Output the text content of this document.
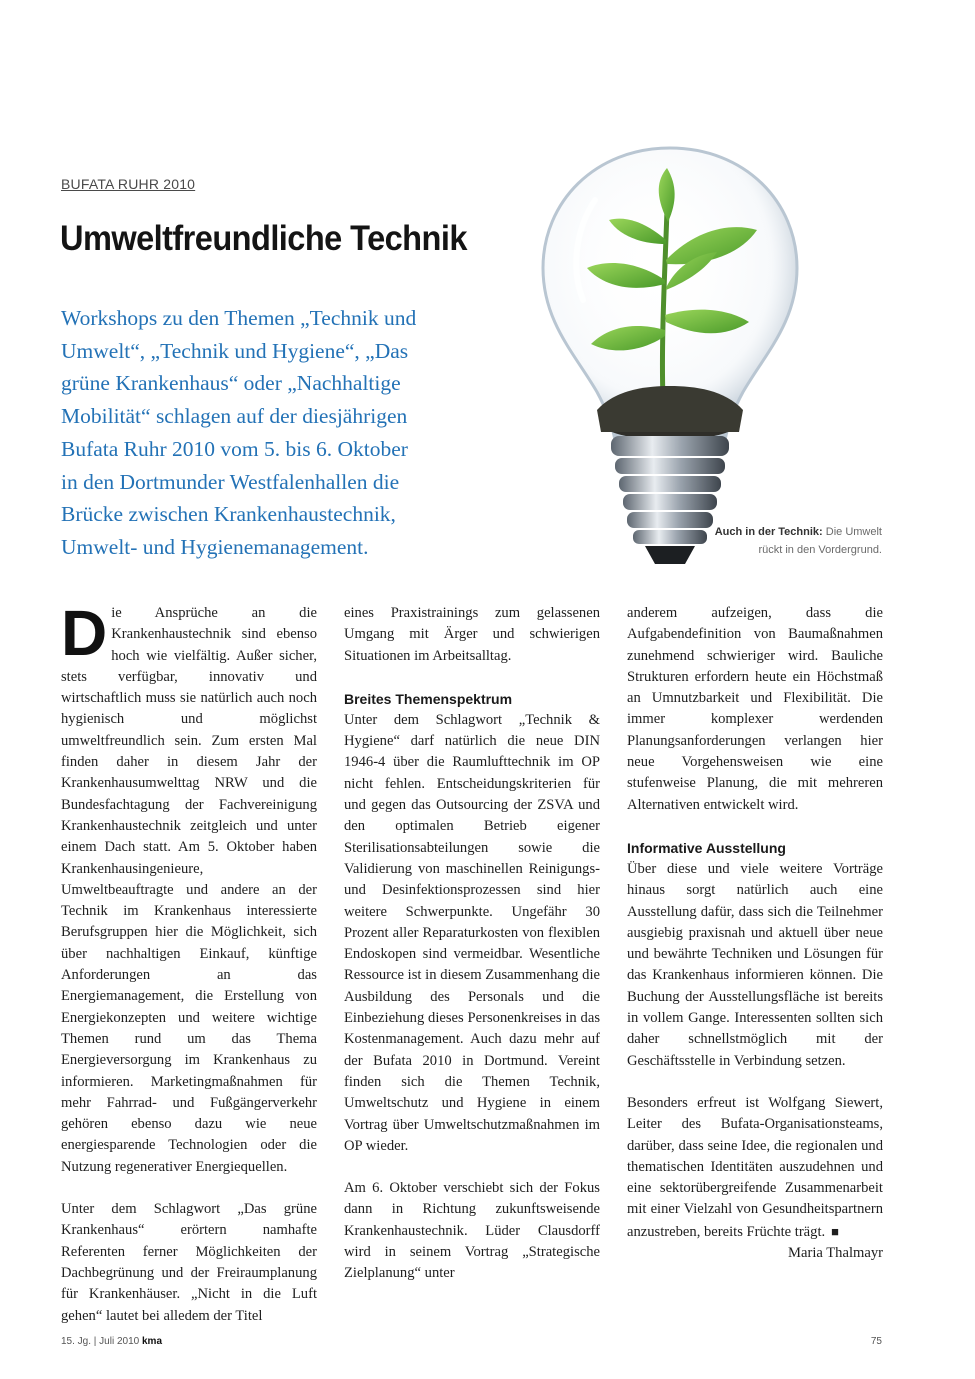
BUFATA RUHR 2010
Umweltfreundliche Technik
Workshops zu den Themen „Technik und
Umwelt“, „Technik und Hygiene“, „Das
grüne Krankenhaus“ oder „Nachhaltige
Mobilität“ schlagen auf der diesjährigen
Bufata Ruhr 2010 vom 5. bis 6. Oktober
in den Dortmunder Westfalenhallen die
Brücke zwischen Krankenhaustechnik,
Umwelt- und Hygienemanagement.
Auch in der Technik: Die Umwelt rückt in den Vordergrund.

Die Ansprüche an die Krankenhaustechnik sind ebenso hoch wie vielfältig. Außer sicher, stets verfügbar, innovativ und wirtschaftlich muss sie natürlich auch noch hygienisch und möglichst umweltfreundlich sein. Zum ersten Mal finden daher in diesem Jahr der Krankenhausumwelttag NRW und die Bundesfachtagung der Fachvereinigung Krankenhaustechnik zeitgleich und unter einem Dach statt. Am 5. Oktober haben Krankenhausingenieure, Umweltbeauftragte und andere an der Technik im Krankenhaus interessierte Berufsgruppen hier die Möglichkeit, sich über nachhaltigen Einkauf, künftige Anforderungen an das Energiemanagement, die Erstellung von Energiekonzepten und weitere wichtige Themen rund um das Thema Energieversorgung im Krankenhaus zu informieren. Marketingmaßnahmen für mehr Fahrrad- und Fußgängerverkehr gehören ebenso dazu wie neue energiesparende Technologien oder die Nutzung regenerativer Energiequellen.

Unter dem Schlagwort „Das grüne Krankenhaus“ erörtern namhafte Referenten ferner Möglichkeiten der Dachbegrünung und der Freiraumplanung für Krankenhäuser. „Nicht in die Luft gehen“ lautet bei alledem der Titel

eines Praxistrainings zum gelassenen Umgang mit Ärger und schwierigen Situationen im Arbeitsalltag.

Breites Themenspektrum

Unter dem Schlagwort „Technik & Hygiene“ darf natürlich die neue DIN 1946-4 über die Raumlufttechnik im OP nicht fehlen. Entscheidungskriterien für und gegen das Outsourcing der ZSVA und den optimalen Betrieb eigener Sterilisationsabteilungen sowie die Validierung von maschinellen Reinigungs- und Desinfektionsprozessen sind hier weitere Schwerpunkte. Ungefähr 30 Prozent aller Reparaturkosten von flexiblen Endoskopen sind vermeidbar. Wesentliche Ressource ist in diesem Zusammenhang die Ausbildung des Personals und die Einbeziehung dieses Personenkreises in das Kostenmanagement. Auch dazu mehr auf der Bufata 2010 in Dortmund. Vereint finden sich die Themen Technik, Umweltschutz und Hygiene in einem Vortrag über Umweltschutzmaßnahmen im OP wieder.

Am 6. Oktober verschiebt sich der Fokus dann in Richtung zukunftsweisende Krankenhaustechnik. Lüder Clausdorff wird in seinem Vortrag „Strategische Zielplanung“ unter

anderem aufzeigen, dass die Aufgabendefinition von Baumaßnahmen zunehmend schwieriger wird. Bauliche Strukturen erfordern heute ein Höchstmaß an Umnutzbarkeit und Flexibilität. Die immer komplexer werdenden Planungsanforderungen verlangen hier neue Vorgehensweisen wie eine stufenweise Planung, die mit mehreren Alternativen entwickelt wird.

Informative Ausstellung

Über diese und viele weitere Vorträge hinaus sorgt natürlich auch eine Ausstellung dafür, dass sich die Teilnehmer ausgiebig praxisnah und aktuell über neue und bewährte Techniken und Lösungen für das Krankenhaus informieren können. Die Buchung der Ausstellungsfläche ist bereits in vollem Gange. Interessenten sollten sich daher schnellstmöglich mit der Geschäftsstelle in Verbindung setzen.

Besonders erfreut ist Wolfgang Siewert, Leiter des Bufata-Organisationsteams, darüber, dass seine Idee, die regionalen und thematischen Identitäten auszudehnen und eine sektorübergreifende Zusammenarbeit mit einer Vielzahl von Gesundheitspartnern anzustreben, bereits Früchte trägt. ■
Maria Thalmayr

15. Jg. | Juli 2010 kma	75
